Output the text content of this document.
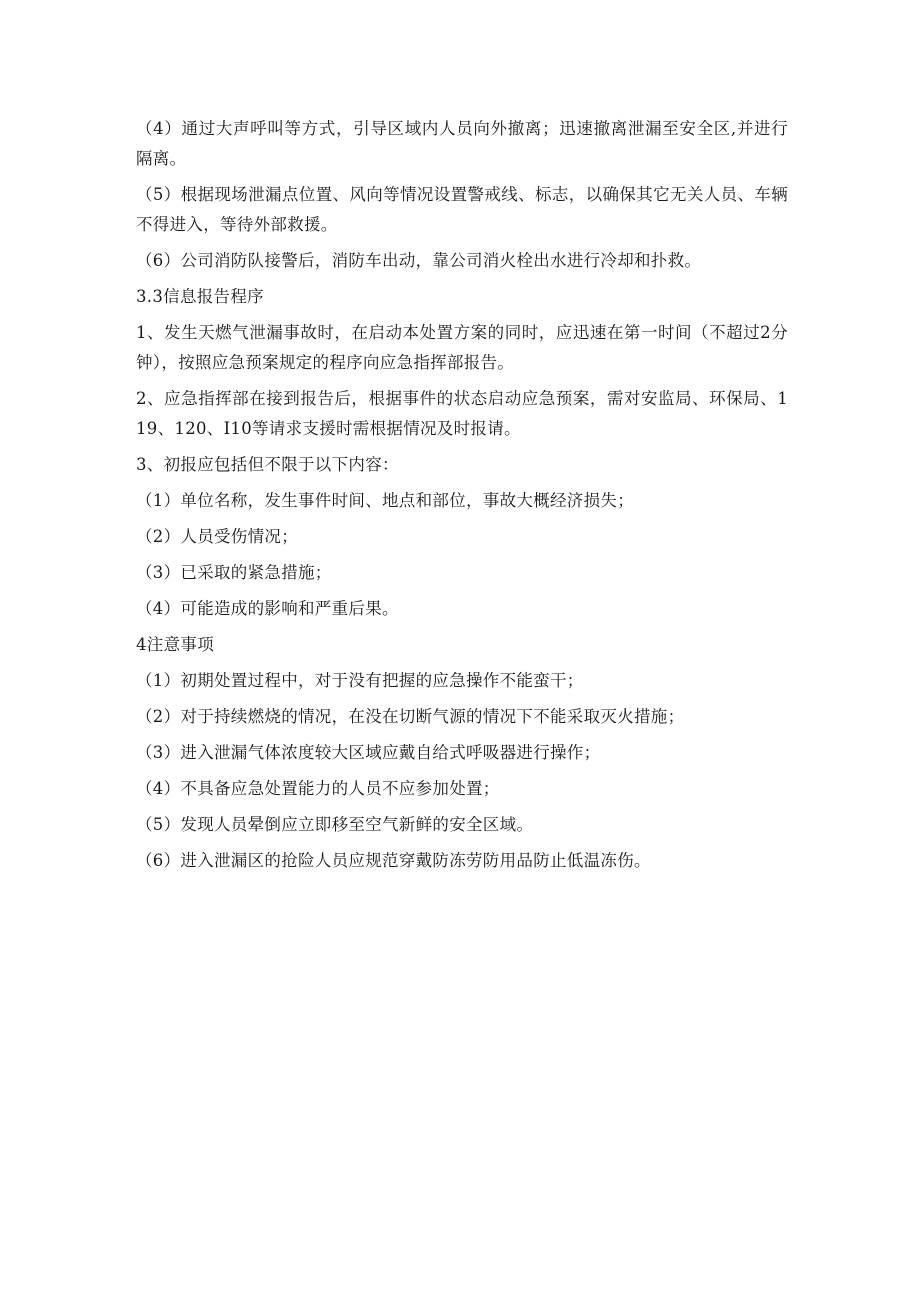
（4）通过大声呼叫等方式，引导区域内人员向外撤离；迅速撤离泄漏至安全区,并进行隔离。

（5）根据现场泄漏点位置、风向等情况设置警戒线、标志，以确保其它无关人员、车辆不得进入，等待外部救援。

（6）公司消防队接警后，消防车出动，靠公司消火栓出水进行冷却和扑救。

3.3信息报告程序

1、发生天燃气泄漏事故时，在启动本处置方案的同时，应迅速在第一时间（不超过2分钟），按照应急预案规定的程序向应急指挥部报告。

2、应急指挥部在接到报告后，根据事件的状态启动应急预案，需对安监局、环保局、119、120、I10等请求支援时需根据情况及时报请。

3、初报应包括但不限于以下内容：

（1）单位名称，发生事件时间、地点和部位，事故大概经济损失；

（2）人员受伤情况；

（3）已采取的紧急措施；

（4）可能造成的影响和严重后果。

4注意事项

（1）初期处置过程中，对于没有把握的应急操作不能蛮干；

（2）对于持续燃烧的情况，在没在切断气源的情况下不能采取灭火措施；

（3）进入泄漏气体浓度较大区域应戴自给式呼吸器进行操作；

（4）不具备应急处置能力的人员不应参加处置；

（5）发现人员晕倒应立即移至空气新鲜的安全区域。

（6）进入泄漏区的抢险人员应规范穿戴防冻劳防用品防止低温冻伤。
